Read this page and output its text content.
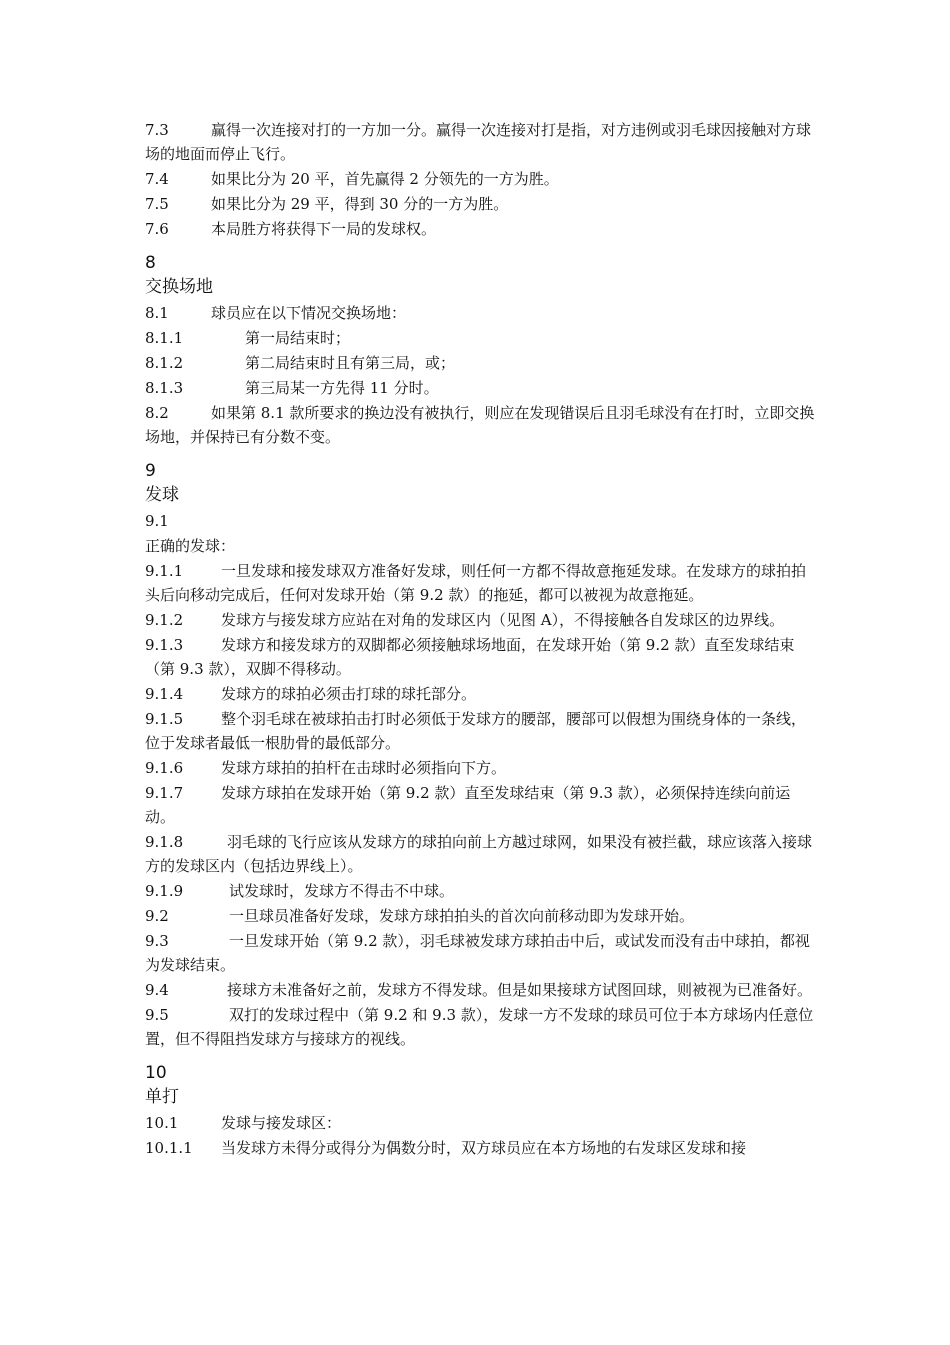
7.3	赢得一次连接对打的一方加一分。赢得一次连接对打是指，对方违例或羽毛球因接触对方球场的地面而停止飞行。

7.4	如果比分为 20 平，首先赢得 2 分领先的一方为胜。

7.5	如果比分为 29 平，得到 30 分的一方为胜。

7.6	本局胜方将获得下一局的发球权。

8
交换场地

8.1	球员应在以下情况交换场地：

8.1.1	第一局结束时；

8.1.2	第二局结束时且有第三局，或；

8.1.3	第三局某一方先得 11 分时。

8.2	如果第 8.1 款所要求的换边没有被执行，则应在发现错误后且羽毛球没有在打时，立即交换场地，并保持已有分数不变。

9
发球

9.1

正确的发球：

9.1.1	一旦发球和接发球双方准备好发球，则任何一方都不得故意拖延发球。在发球方的球拍拍头后向移动完成后，任何对发球开始（第 9.2 款）的拖延，都可以被视为故意拖延。

9.1.2	发球方与接发球方应站在对角的发球区内（见图 A），不得接触各自发球区的边界线。

9.1.3	发球方和接发球方的双脚都必须接触球场地面，在发球开始（第 9.2 款）直至发球结束（第 9.3 款），双脚不得移动。

9.1.4	发球方的球拍必须击打球的球托部分。

9.1.5	整个羽毛球在被球拍击打时必须低于发球方的腰部，腰部可以假想为围绕身体的一条线，位于发球者最低一根肋骨的最低部分。

9.1.6	发球方球拍的拍杆在击球时必须指向下方。

9.1.7	发球方球拍在发球开始（第 9.2 款）直至发球结束（第 9.3 款），必须保持连续向前运动。

9.1.8	羽毛球的飞行应该从发球方的球拍向前上方越过球网，如果没有被拦截，球应该落入接球方的发球区内（包括边界线上）。

9.1.9	试发球时，发球方不得击不中球。

9.2	一旦球员准备好发球，发球方球拍拍头的首次向前移动即为发球开始。

9.3	一旦发球开始（第 9.2 款），羽毛球被发球方球拍击中后，或试发而没有击中球拍，都视为发球结束。

9.4	接球方未准备好之前，发球方不得发球。但是如果接球方试图回球，则被视为已准备好。

9.5	双打的发球过程中（第 9.2 和 9.3 款），发球一方不发球的球员可位于本方球场内任意位置，但不得阻挡发球方与接球方的视线。

10
单打

10.1	发球与接发球区：

10.1.1 当发球方未得分或得分为偶数分时，双方球员应在本方场地的右发球区发球和接
